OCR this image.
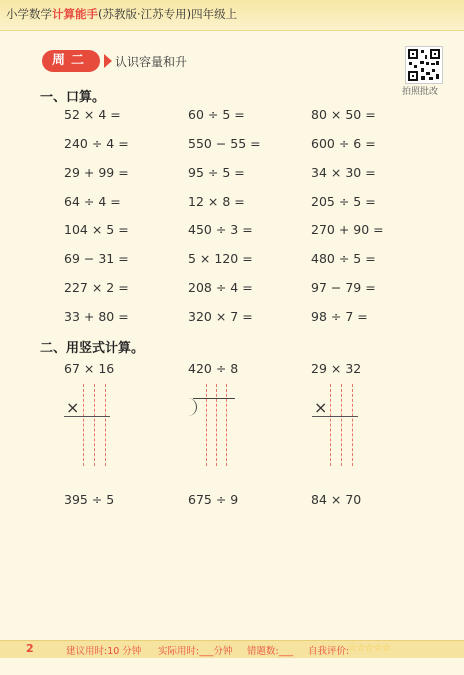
小学数学计算能手(苏教版·江苏专用)四年级上
周二	认识容量和升
拍照批改
一、口算。
52 × 4 =	60 ÷ 5 =	80 × 50 =
240 ÷ 4 =	550 − 55 =	600 ÷ 6 =
29 + 99 =	95 ÷ 5 =	34 × 30 =
64 ÷ 4 =	12 × 8 =	205 ÷ 5 =
104 × 5 =	450 ÷ 3 =	270 + 90 =
69 − 31 =	5 × 120 =	480 ÷ 5 =
227 × 2 =	208 ÷ 4 =	97 − 79 =
33 + 80 =	320 × 7 =	98 ÷ 7 =
二、用竖式计算。
67 × 16	420 ÷ 8	29 × 32
×	×
395 ÷ 5	675 ÷ 9	84 × 70
2	建议用时:10 分钟 实际用时:___分钟 错题数:___ 自我评价:
☆☆☆☆☆
